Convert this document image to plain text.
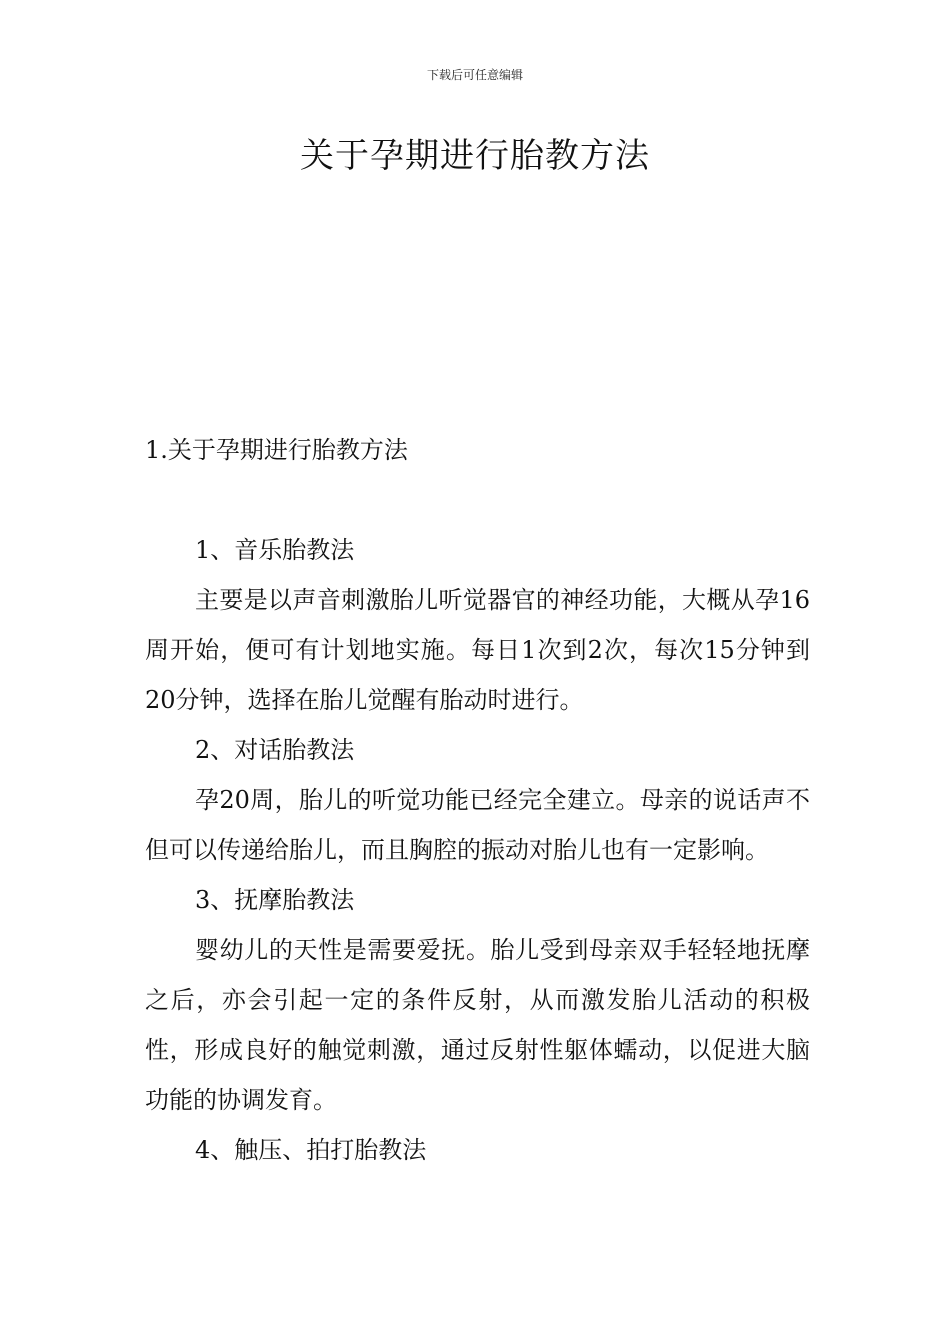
下载后可任意编辑
关于孕期进行胎教方法

1.关于孕期进行胎教方法

1、音乐胎教法

主要是以声音刺激胎儿听觉器官的神经功能，大概从孕16周开始，便可有计划地实施。每日1次到2次，每次15分钟到20分钟，选择在胎儿觉醒有胎动时进行。

2、对话胎教法

孕20周，胎儿的听觉功能已经完全建立。母亲的说话声不但可以传递给胎儿，而且胸腔的振动对胎儿也有一定影响。

3、抚摩胎教法

婴幼儿的天性是需要爱抚。胎儿受到母亲双手轻轻地抚摩之后，亦会引起一定的条件反射，从而激发胎儿活动的积极性，形成良好的触觉刺激，通过反射性躯体蠕动，以促进大脑功能的协调发育。

4、触压、拍打胎教法
